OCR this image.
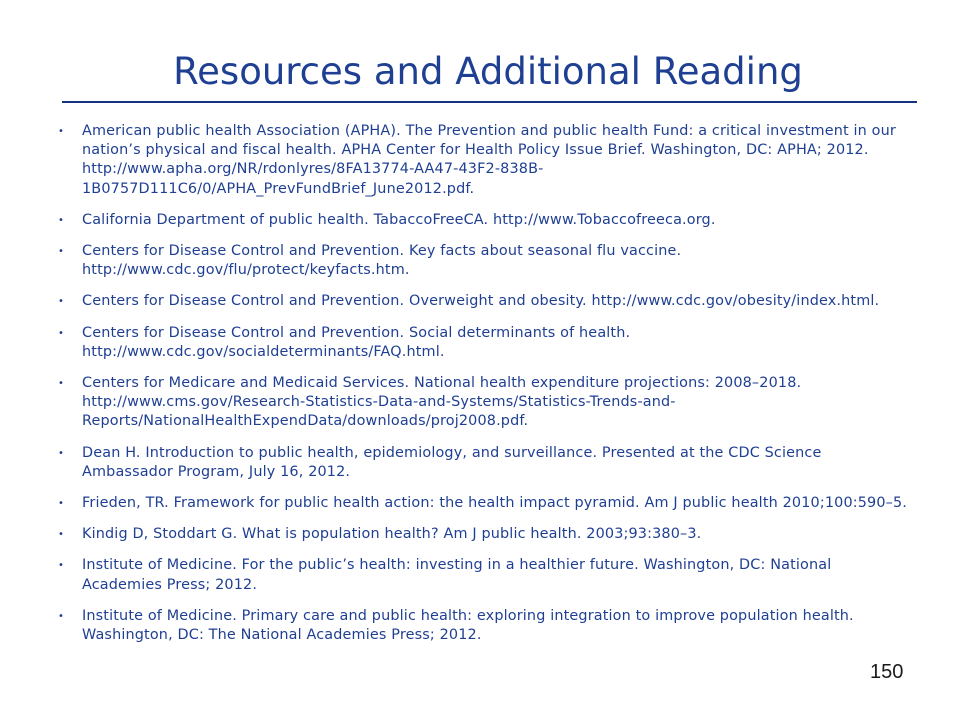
Resources and Additional Reading
• American public health Association (APHA). The Prevention and public health Fund: a critical investment in our nation’s physical and fiscal health. APHA Center for Health Policy Issue Brief. Washington, DC: APHA; 2012. http://www.apha.org/NR/rdonlyres/8FA13774-AA47-43F2-838B-1B0757D111C6/0/APHA_PrevFundBrief_June2012.pdf.
• California Department of public health. TabaccoFreeCA. http://www.Tobaccofreeca.org.
• Centers for Disease Control and Prevention. Key facts about seasonal flu vaccine. http://www.cdc.gov/flu/protect/keyfacts.htm.
• Centers for Disease Control and Prevention. Overweight and obesity. http://www.cdc.gov/obesity/index.html.
• Centers for Disease Control and Prevention. Social determinants of health. http://www.cdc.gov/socialdeterminants/FAQ.html.
• Centers for Medicare and Medicaid Services. National health expenditure projections: 2008–2018. http://www.cms.gov/Research-Statistics-Data-and-Systems/Statistics-Trends-and-Reports/NationalHealthExpendData/downloads/proj2008.pdf.
• Dean H. Introduction to public health, epidemiology, and surveillance. Presented at the CDC Science Ambassador Program, July 16, 2012.
• Frieden, TR. Framework for public health action: the health impact pyramid. Am J public health 2010;100:590–5.
• Kindig D, Stoddart G. What is population health? Am J public health. 2003;93:380–3.
• Institute of Medicine. For the public’s health: investing in a healthier future. Washington, DC: National Academies Press; 2012.
• Institute of Medicine. Primary care and public health: exploring integration to improve population health. Washington, DC: The National Academies Press; 2012.
150
